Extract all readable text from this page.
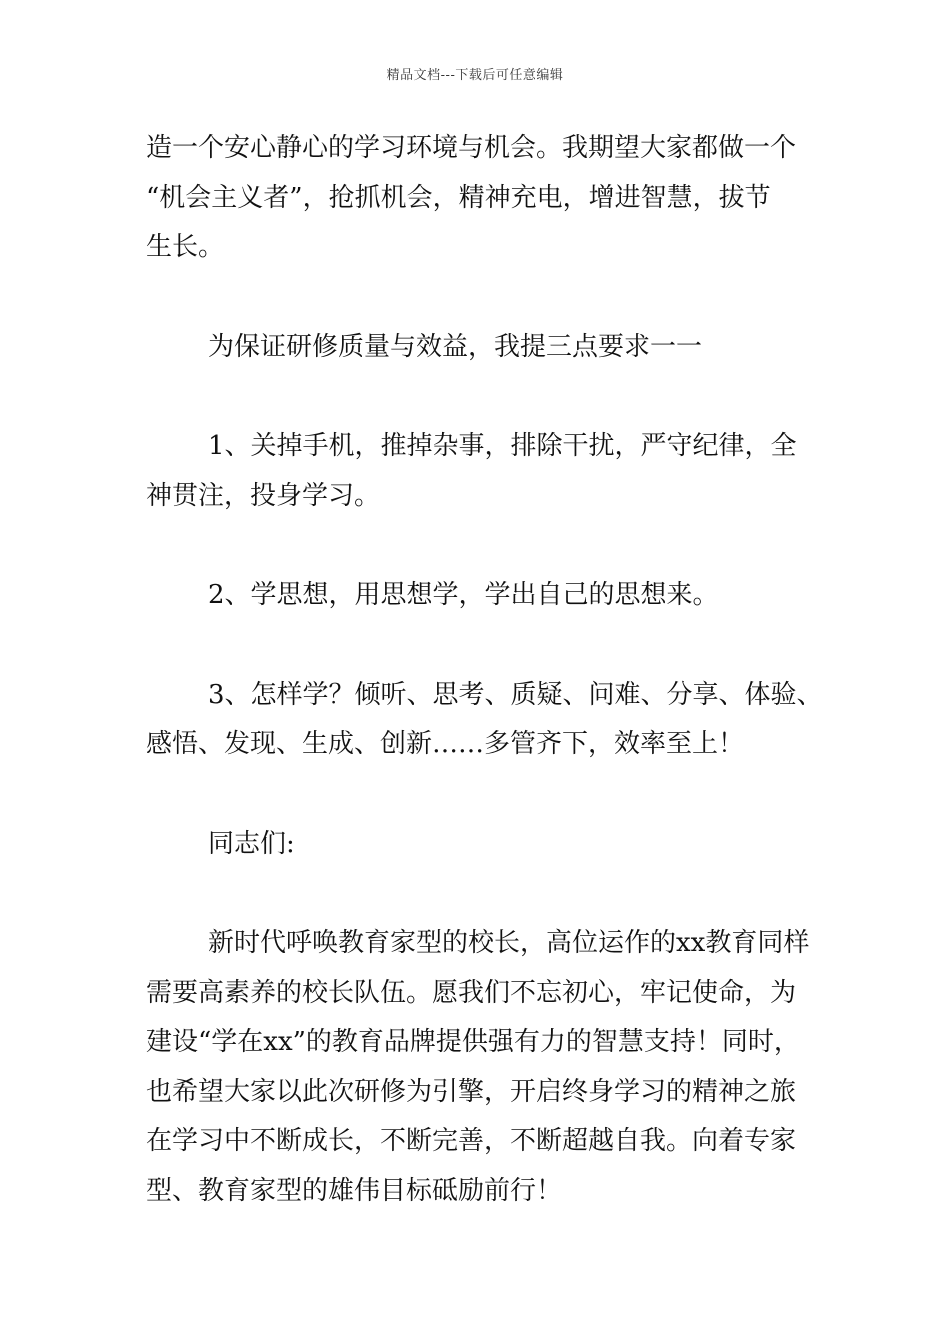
精品文档---下载后可任意编辑

造一个安心静心的学习环境与机会。我期望大家都做一个
“机会主义者”，抢抓机会，精神充电，增进智慧，拔节
生长。

为保证研修质量与效益，我提三点要求一一

1、关掉手机，推掉杂事，排除干扰，严守纪律，全
神贯注，投身学习。

2、学思想，用思想学，学出自己的思想来。

3、怎样学？倾听、思考、质疑、问难、分享、体验、
感悟、发现、生成、创新……多管齐下，效率至上！

同志们:

新时代呼唤教育家型的校长，高位运作的xx教育同样
需要高素养的校长队伍。愿我们不忘初心，牢记使命，为
建设“学在xx”的教育品牌提供强有力的智慧支持！同时，
也希望大家以此次研修为引擎，开启终身学习的精神之旅
在学习中不断成长，不断完善，不断超越自我。向着专家
型、教育家型的雄伟目标砥励前行！
